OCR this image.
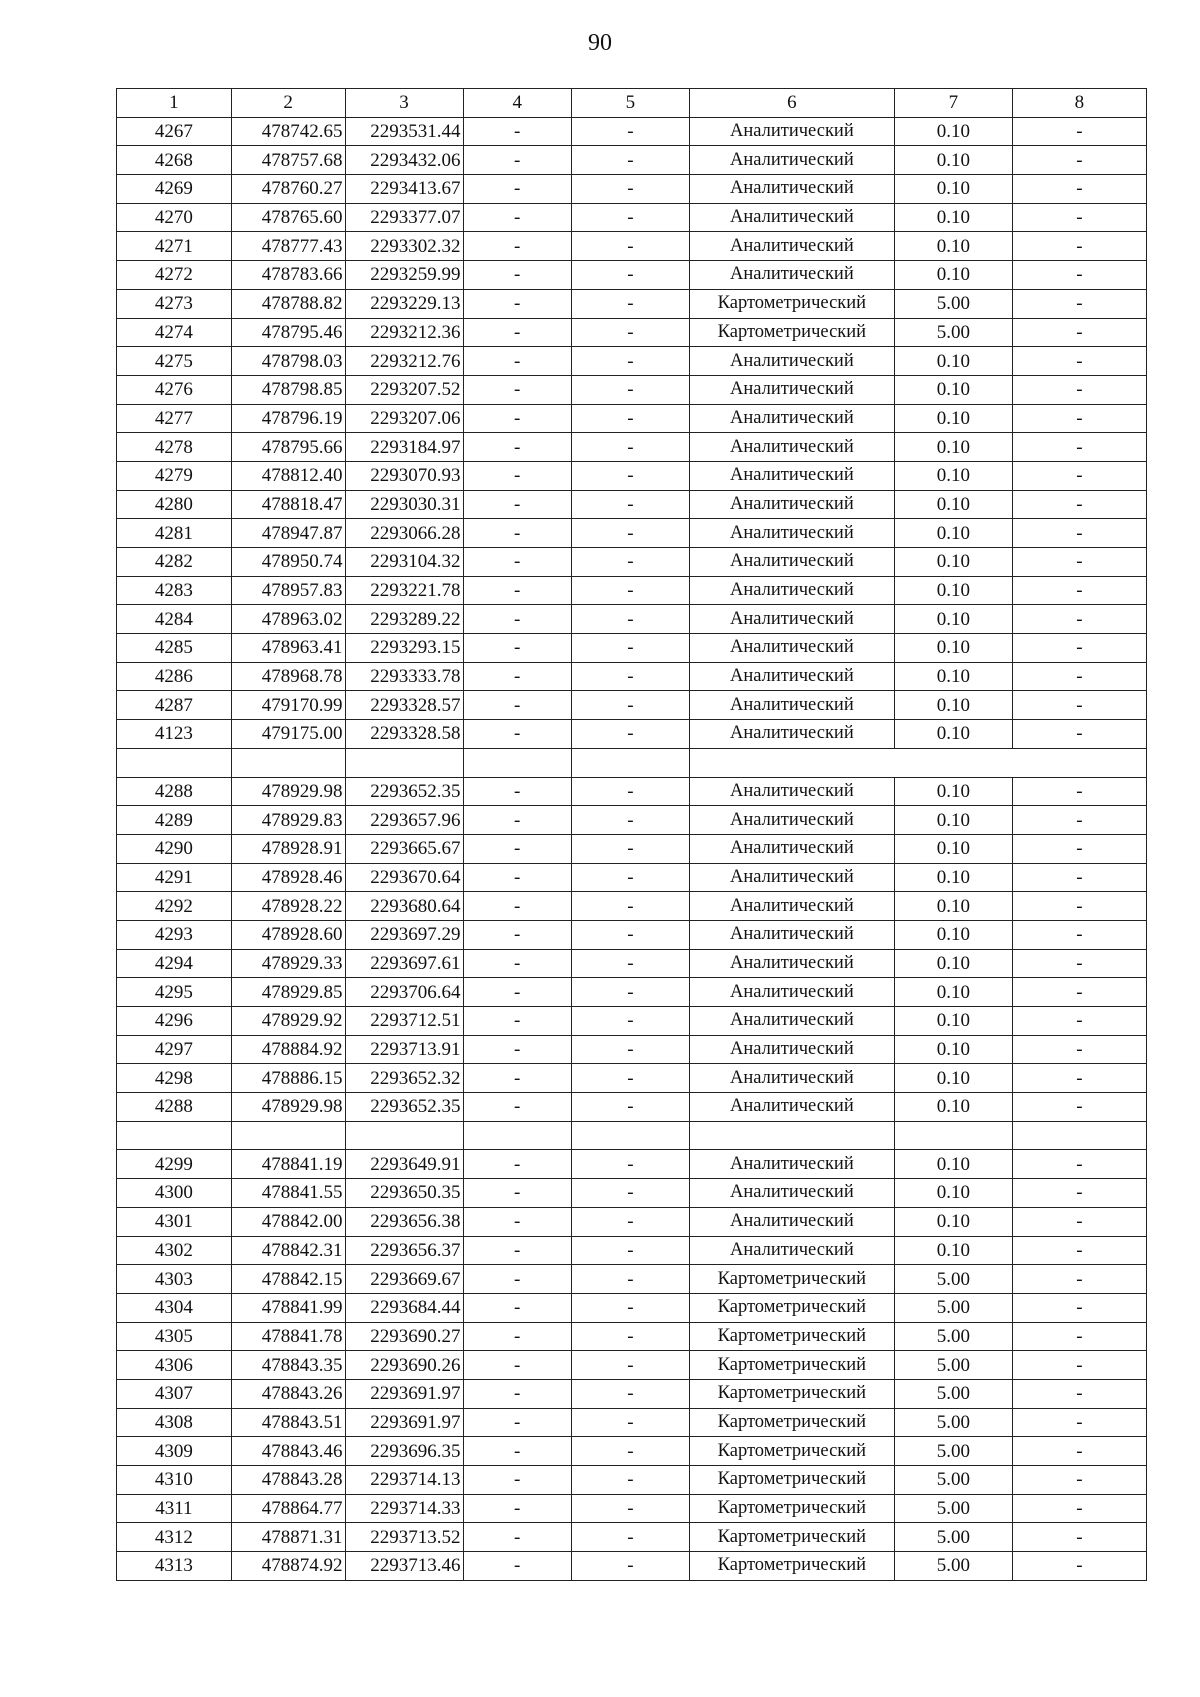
90
1	2	3	4	5	6	7	8
4267	478742.65	2293531.44	-	-	Аналитический	0.10	-
4268	478757.68	2293432.06	-	-	Аналитический	0.10	-
4269	478760.27	2293413.67	-	-	Аналитический	0.10	-
4270	478765.60	2293377.07	-	-	Аналитический	0.10	-
4271	478777.43	2293302.32	-	-	Аналитический	0.10	-
4272	478783.66	2293259.99	-	-	Аналитический	0.10	-
4273	478788.82	2293229.13	-	-	Картометрический	5.00	-
4274	478795.46	2293212.36	-	-	Картометрический	5.00	-
4275	478798.03	2293212.76	-	-	Аналитический	0.10	-
4276	478798.85	2293207.52	-	-	Аналитический	0.10	-
4277	478796.19	2293207.06	-	-	Аналитический	0.10	-
4278	478795.66	2293184.97	-	-	Аналитический	0.10	-
4279	478812.40	2293070.93	-	-	Аналитический	0.10	-
4280	478818.47	2293030.31	-	-	Аналитический	0.10	-
4281	478947.87	2293066.28	-	-	Аналитический	0.10	-
4282	478950.74	2293104.32	-	-	Аналитический	0.10	-
4283	478957.83	2293221.78	-	-	Аналитический	0.10	-
4284	478963.02	2293289.22	-	-	Аналитический	0.10	-
4285	478963.41	2293293.15	-	-	Аналитический	0.10	-
4286	478968.78	2293333.78	-	-	Аналитический	0.10	-
4287	479170.99	2293328.57	-	-	Аналитический	0.10	-
4123	479175.00	2293328.58	-	-	Аналитический	0.10	-

4288	478929.98	2293652.35	-	-	Аналитический	0.10	-
4289	478929.83	2293657.96	-	-	Аналитический	0.10	-
4290	478928.91	2293665.67	-	-	Аналитический	0.10	-
4291	478928.46	2293670.64	-	-	Аналитический	0.10	-
4292	478928.22	2293680.64	-	-	Аналитический	0.10	-
4293	478928.60	2293697.29	-	-	Аналитический	0.10	-
4294	478929.33	2293697.61	-	-	Аналитический	0.10	-
4295	478929.85	2293706.64	-	-	Аналитический	0.10	-
4296	478929.92	2293712.51	-	-	Аналитический	0.10	-
4297	478884.92	2293713.91	-	-	Аналитический	0.10	-
4298	478886.15	2293652.32	-	-	Аналитический	0.10	-
4288	478929.98	2293652.35	-	-	Аналитический	0.10	-

4299	478841.19	2293649.91	-	-	Аналитический	0.10	-
4300	478841.55	2293650.35	-	-	Аналитический	0.10	-
4301	478842.00	2293656.38	-	-	Аналитический	0.10	-
4302	478842.31	2293656.37	-	-	Аналитический	0.10	-
4303	478842.15	2293669.67	-	-	Картометрический	5.00	-
4304	478841.99	2293684.44	-	-	Картометрический	5.00	-
4305	478841.78	2293690.27	-	-	Картометрический	5.00	-
4306	478843.35	2293690.26	-	-	Картометрический	5.00	-
4307	478843.26	2293691.97	-	-	Картометрический	5.00	-
4308	478843.51	2293691.97	-	-	Картометрический	5.00	-
4309	478843.46	2293696.35	-	-	Картометрический	5.00	-
4310	478843.28	2293714.13	-	-	Картометрический	5.00	-
4311	478864.77	2293714.33	-	-	Картометрический	5.00	-
4312	478871.31	2293713.52	-	-	Картометрический	5.00	-
4313	478874.92	2293713.46	-	-	Картометрический	5.00	-
